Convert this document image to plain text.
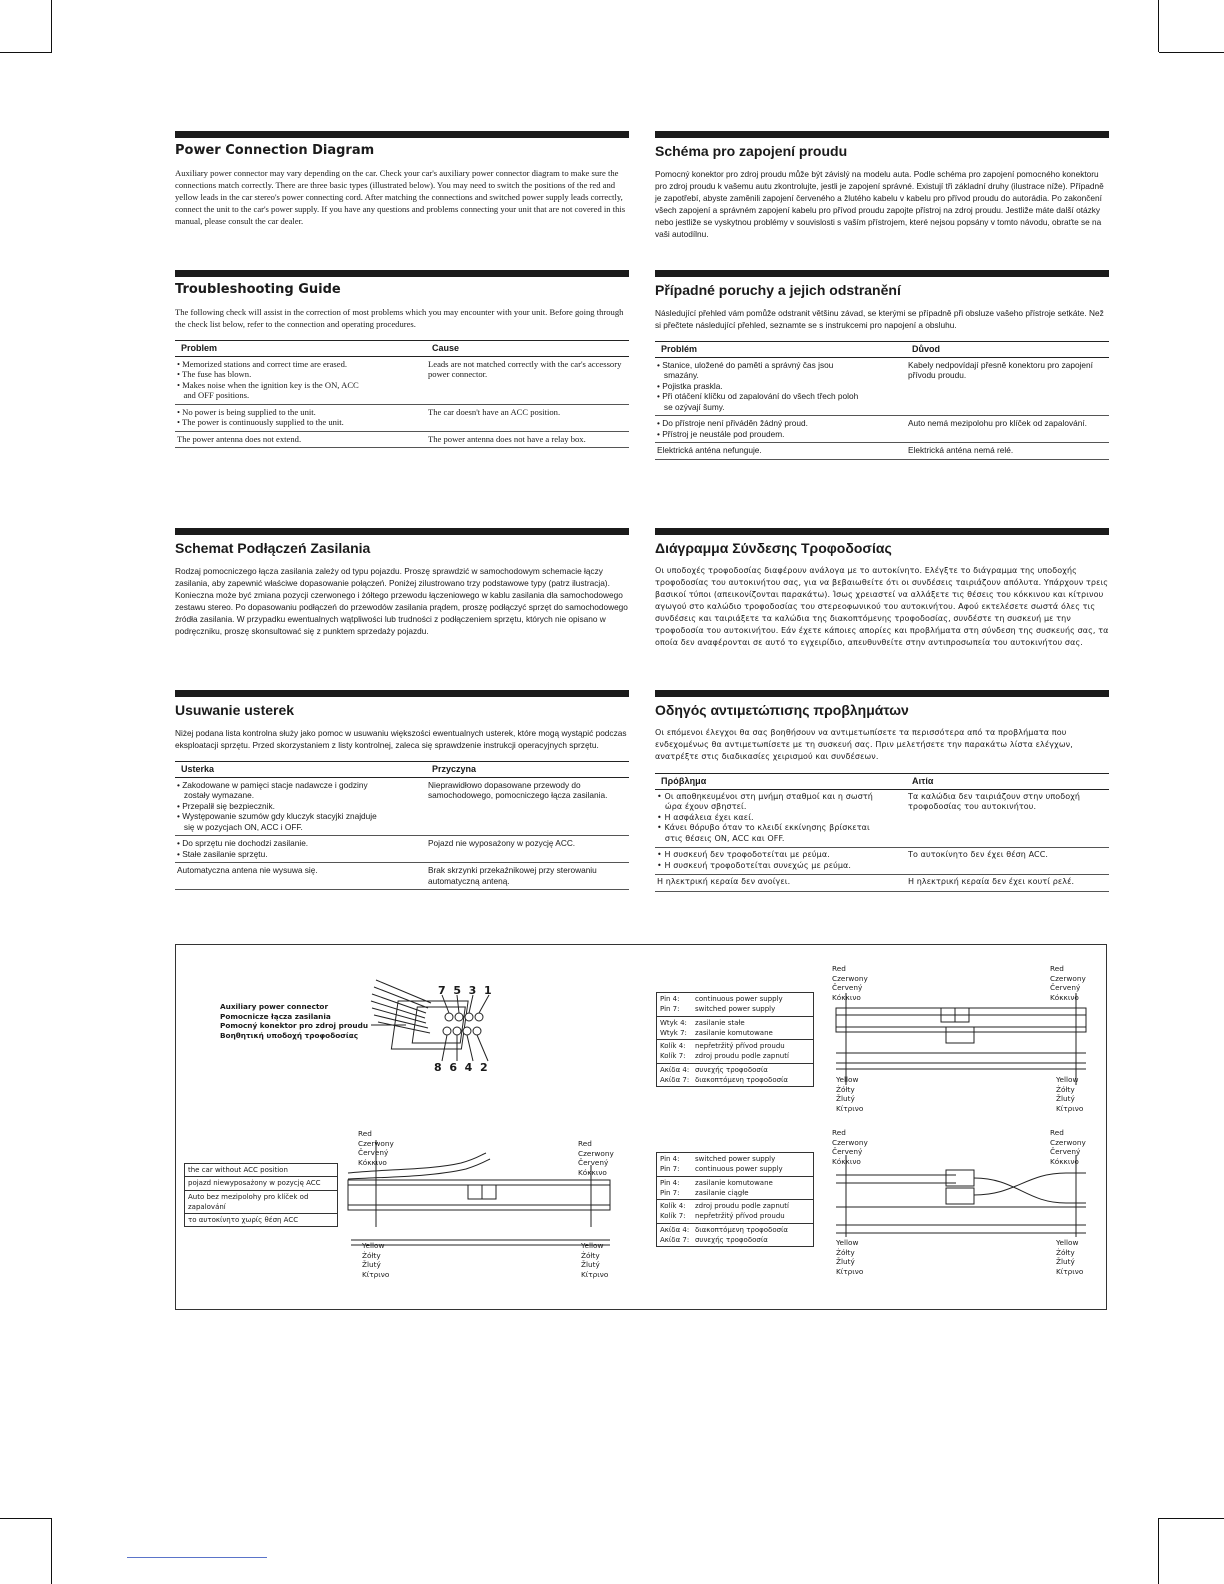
Power Connection Diagram

Auxiliary power connector may vary depending on the car. Check your car's auxiliary power connector diagram to make sure the connections match correctly. There are three basic types (illustrated below). You may need to switch the positions of the red and yellow leads in the car stereo's power connecting cord. After matching the connections and switched power supply leads correctly, connect the unit to the car's power supply. If you have any questions and problems connecting your unit that are not covered in this manual, please consult the car dealer.

Schéma pro zapojení proudu

Pomocný konektor pro zdroj proudu může být závislý na modelu auta. Podle schéma pro zapojení pomocného konektoru pro zdroj proudu k vašemu autu zkontrolujte, jestli je zapojení správné. Existují tři základní druhy (ilustrace níže). Případně je zapotřebí, abyste zaměnili zapojení červeného a žlutého kabelu v kabelu pro přívod proudu do autorádia. Po zakončení všech zapojení a správném zapojení kabelu pro přívod proudu zapojte přístroj na zdroj proudu. Jestliže máte další otázky nebo jestliže se vyskytnou problémy v souvislosti s vaším přístrojem, které nejsou popsány v tomto návodu, obraťte se na vaši autodílnu.

Troubleshooting Guide

The following check will assist in the correction of most problems which you may encounter with your unit. Before going through the check list below, refer to the connection and operating procedures.

Problem	Cause
• Memorized stations and correct time are erased.
• The fuse has blown.
• Makes noise when the ignition key is the ON, ACC
and OFF positions.	Leads are not matched correctly with the car's accessory power connector.
• No power is being supplied to the unit.
• The power is continuously supplied to the unit.	The car doesn't have an ACC position.
The power antenna does not extend.	The power antenna does not have a relay box.
Případné poruchy a jejich odstranění

Následující přehled vám pomůže odstranit většinu závad, se kterými se případně při obsluze vašeho přístroje setkáte. Než si přečtete následující přehled, seznamte se s instrukcemi pro napojení a obsluhu.

Problém	Důvod
• Stanice, uložené do paměti a správný čas jsou
smazány.
• Pojistka praskla.
• Při otáčení klíčku od zapalování do všech třech poloh
se ozývají šumy.	Kabely nedpovídají přesně konektoru pro zapojení přívodu proudu.
• Do přístroje není přiváděn žádný proud.
• Přístroj je neustále pod proudem.	Auto nemá mezipolohu pro klíček od zapalování.
Elektrická anténa nefunguje.	Elektrická anténa nemá relé.
Schemat Podłączeń Zasilania

Rodzaj pomocniczego łącza zasilania zależy od typu pojazdu. Proszę sprawdzić w samochodowym schemacie łączy zasilania, aby zapewnić właściwe dopasowanie połączeń. Poniżej zilustrowano trzy podstawowe typy (patrz ilustracja). Konieczna może być zmiana pozycji czerwonego i żółtego przewodu łączeniowego w kablu zasilania dla samochodowego zestawu stereo. Po dopasowaniu podłączeń do przewodów zasilania prądem, proszę podłączyć sprzęt do samochodowego źródła zasilania. W przypadku ewentualnych wątpliwości lub trudności z podłączeniem sprzętu, których nie opisano w podręczniku, proszę skonsultować się z punktem sprzedaży pojazdu.

Διάγραμμα Σύνδεσης Τροφοδοσίας

Οι υποδοχές τροφοδοσίας διαφέρουν ανάλογα με το αυτοκίνητο. Ελέγξτε το διάγραμμα της υποδοχής τροφοδοσίας του αυτοκινήτου σας, για να βεβαιωθείτε ότι οι συνδέσεις ταιριάζουν απόλυτα. Υπάρχουν τρεις βασικοί τύποι (απεικονίζονται παρακάτω). Ίσως χρειαστεί να αλλάξετε τις θέσεις του κόκκινου και κίτρινου αγωγού στο καλώδιο τροφοδοσίας του στερεοφωνικού του αυτοκινήτου. Αφού εκτελέσετε σωστά όλες τις συνδέσεις και ταιριάξετε τα καλώδια της διακοπτόμενης τροφοδοσίας, συνδέστε τη συσκευή με την τροφοδοσία του αυτοκινήτου. Εάν έχετε κάποιες απορίες και προβλήματα στη σύνδεση της συσκευής σας, τα οποία δεν αναφέρονται σε αυτό το εγχειρίδιο, απευθυνθείτε στην αντιπροσωπεία του αυτοκινήτου σας.

Usuwanie usterek

Niżej podana lista kontrolna służy jako pomoc w usuwaniu większości ewentualnych usterek, które mogą wystąpić podczas eksploatacji sprzętu. Przed skorzystaniem z listy kontrolnej, zaleca się sprawdzenie instrukcji operacyjnych sprzętu.

Usterka	Przyczyna
• Zakodowane w pamięci stacje nadawcze i godziny
zostały wymazane.
• Przepalił się bezpiecznik.
• Występowanie szumów gdy kluczyk stacyjki znajduje
się w pozycjach ON, ACC i OFF.	Nieprawidłowo dopasowane przewody do samochodowego, pomocniczego łącza zasilania.
• Do sprzętu nie dochodzi zasilanie.
• Stałe zasilanie sprzętu.	Pojazd nie wyposażony w pozycję ACC.
Automatyczna antena nie wysuwa się.	Brak skrzynki przekaźnikowej przy sterowaniu automatyczną anteną.
Οδηγός αντιμετώπισης προβλημάτων

Οι επόμενοι έλεγχοι θα σας βοηθήσουν να αντιμετωπίσετε τα περισσότερα από τα προβλήματα που ενδεχομένως θα αντιμετωπίσετε με τη συσκευή σας. Πριν μελετήσετε την παρακάτω λίστα ελέγχων, ανατρέξτε στις διαδικασίες χειρισμού και συνδέσεων.

Πρόβλημα	Αιτία
• Οι αποθηκευμένοι στη μνήμη σταθμοί και η σωστή
ώρα έχουν σβηστεί.
• Η ασφάλεια έχει καεί.
• Κάνει θόρυβο όταν το κλειδί εκκίνησης βρίσκεται
στις θέσεις ON, ACC και OFF.	Τα καλώδια δεν ταιριάζουν στην υποδοχή τροφοδοσίας του αυτοκινήτου.
• Η συσκευή δεν τροφοδοτείται με ρεύμα.
• Η συσκευή τροφοδοτείται συνεχώς με ρεύμα.	Το αυτοκίνητο δεν έχει θέση ACC.
Η ηλεκτρική κεραία δεν ανοίγει.	Η ηλεκτρική κεραία δεν έχει κουτί ρελέ.
Auxiliary power connector
Pomocnicze łącza zasilania
Pomocný konektor pro zdroj proudu
Βοηθητική υποδοχή τροφοδοσίας
7  5  3  1
8  6  4  2
Red
Czerwony
Červený
Κόκκινο
Red
Czerwony
Červený
Κόκκινο
Yellow
Żółty
Žlutý
Κίτρινο
Yellow
Żółty
Žlutý
Κίτρινο
the car without ACC position
pojazd niewyposażony w pozycję ACC
Auto bez mezipolohy pro klíček od zapalování
το αυτοκίνητο χωρίς θέση ACC
Red
Czerwony
Červený
Κόκκινο
Red
Czerwony
Červený
Κόκκινο
Yellow
Żółty
Žlutý
Κίτρινο
Yellow
Żółty
Žlutý
Κίτρινο
Pin 4:	continuous power supply
Pin 7:	switched power supply
Wtyk 4:	zasilanie stałe
Wtyk 7:	zasilanie komutowane
Kolík 4:	nepřetržitý přívod proudu
Kolík 7:	zdroj proudu podle zapnutí
Ακίδα 4: συνεχής τροφοδοσία
Ακίδα 7: διακοπτόμενη τροφοδοσία
Red
Czerwony
Červený
Κόκκινο
Red
Czerwony
Červený
Κόκκινο
Yellow
Żółty
Žlutý
Κίτρινο
Yellow
Żółty
Žlutý
Κίτρινο
Pin 4:	switched power supply
Pin 7:	continuous power supply
Pin 4:	zasilanie komutowane
Pin 7:	zasilanie ciągłe
Kolík 4:	zdroj proudu podle zapnutí
Kolík 7:	nepřetržitý přívod proudu
Ακίδα 4: διακοπτόμενη τροφοδοσία
Ακίδα 7: συνεχής τροφοδοσία
